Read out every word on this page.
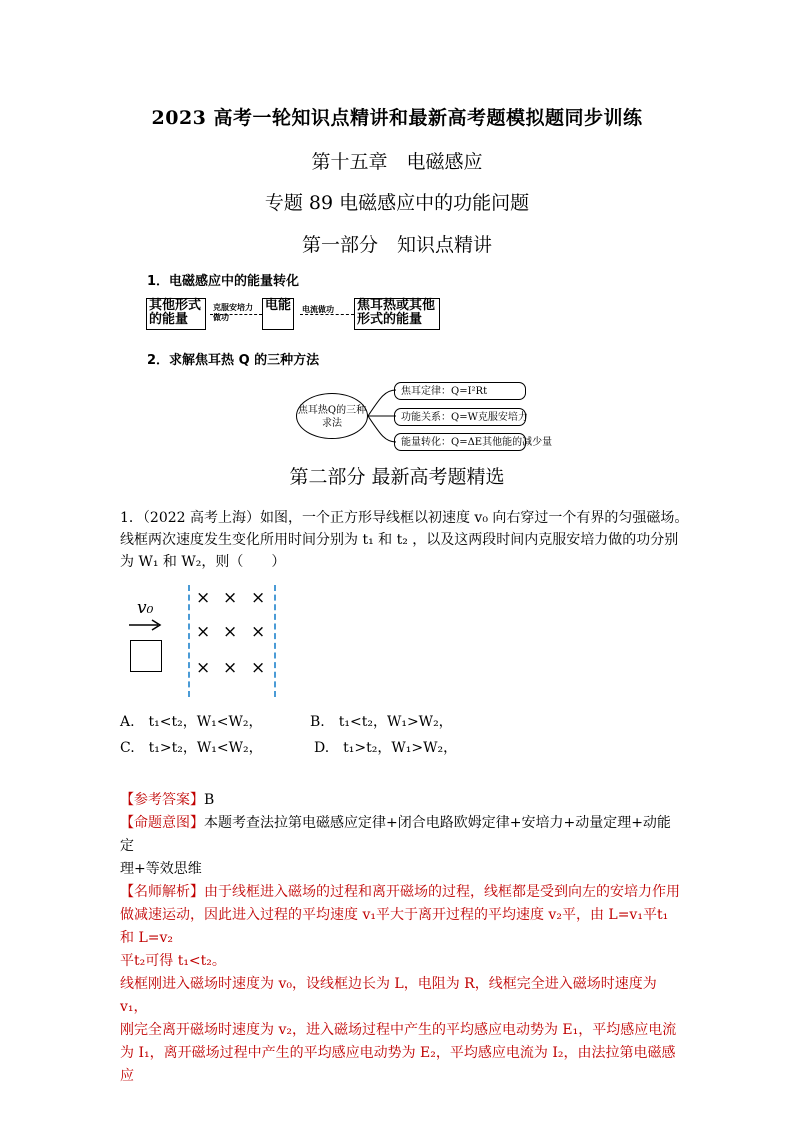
2023 高考一轮知识点精讲和最新高考题模拟题同步训练
第十五章　电磁感应
专题 89 电磁感应中的功能问题
第一部分　知识点精讲
1．电磁感应中的能量转化
其他形式的能量
克服安培力做功
电能	电流做功	焦耳热或其他形式的能量
2．求解焦耳热 Q 的三种方法
焦耳热Q的三种求法
焦耳定律：Q=I²Rt
功能关系：Q=W克服安培力
能量转化：Q=ΔE其他能的减少量
第二部分 最新高考题精选
1．（2022 高考上海）如图，一个正方形导线框以初速度 v₀ 向右穿过一个有界的匀强磁场。
线框两次速度发生变化所用时间分别为 t₁ 和 t₂ ，以及这两段时间内克服安培力做的功分别
为 W₁ 和 W₂，则（　　）
v₀	× × ×
× × ×
× × ×
A.　t₁<t₂，W₁<W₂，	B.　t₁<t₂，W₁>W₂，
C.　t₁>t₂，W₁<W₂，	D.　t₁>t₂，W₁>W₂，
【参考答案】B
【命题意图】本题考查法拉第电磁感应定律+闭合电路欧姆定律+安培力+动量定理+动能定
理+等效思维
【名师解析】由于线框进入磁场的过程和离开磁场的过程，线框都是受到向左的安培力作用
做减速运动，因此进入过程的平均速度 v₁平大于离开过程的平均速度 v₂平，由 L=v₁平t₁和 L=v₂
平t₂可得 t₁<t₂。
线框刚进入磁场时速度为 v₀，设线框边长为 L，电阻为 R，线框完全进入磁场时速度为 v₁，
刚完全离开磁场时速度为 v₂，进入磁场过程中产生的平均感应电动势为 E₁，平均感应电流
为 I₁，离开磁场过程中产生的平均感应电动势为 E₂，平均感应电流为 I₂，由法拉第电磁感应
